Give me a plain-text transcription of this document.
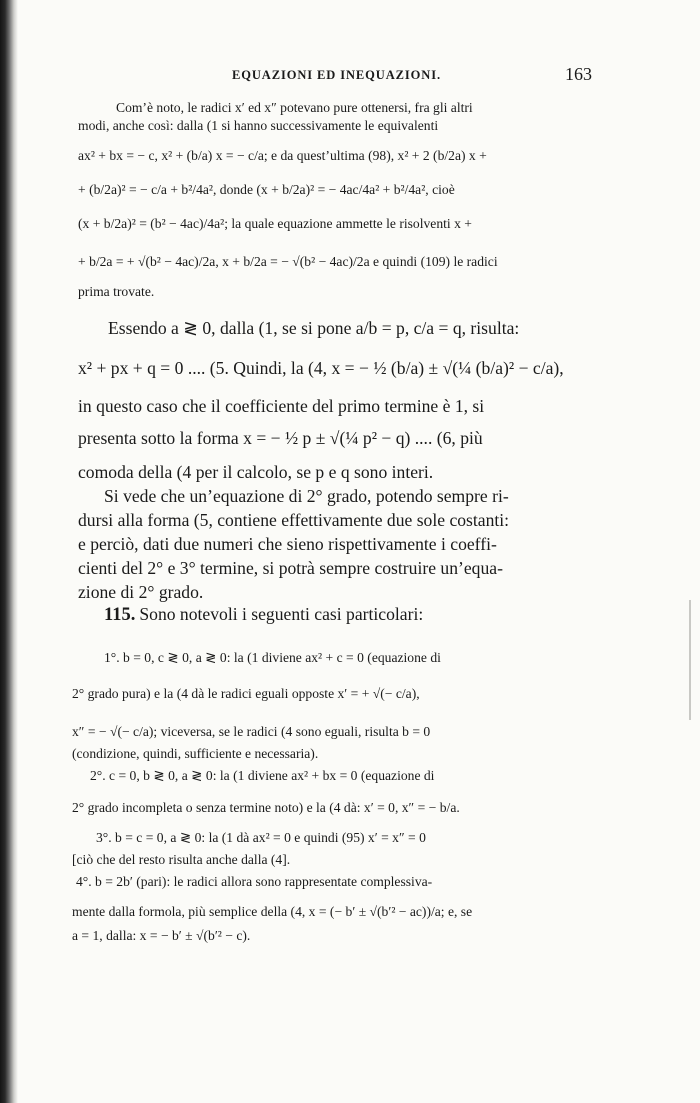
EQUAZIONI ED INEQUAZIONI.	163
Com’è noto, le radici x′ ed x″ potevano pure ottenersi, fra gli altri
modi, anche così: dalla (1 si hanno successivamente le equivalenti
ax² + bx = − c, x² + (b/a) x = − c/a; e da quest’ultima (98), x² + 2 (b/2a) x +
+ (b/2a)² = − c/a + b²/4a², donde (x + b/2a)² = − 4ac/4a² + b²/4a², cioè
(x + b/2a)² = (b² − 4ac)/4a²; la quale equazione ammette le risolventi x +
+ b/2a = + √(b² − 4ac)/2a, x + b/2a = − √(b² − 4ac)/2a e quindi (109) le radici
prima trovate.
Essendo a ≷ 0, dalla (1, se si pone a/b = p, c/a = q, risulta:
x² + px + q = 0 .... (5. Quindi, la (4, x = − ½ (b/a) ± √(¼ (b/a)² − c/a),
in questo caso che il coefficiente del primo termine è 1, si
presenta sotto la forma x = − ½ p ± √(¼ p² − q) .... (6, più
comoda della (4 per il calcolo, se p e q sono interi.
Si vede che un’equazione di 2° grado, potendo sempre ri-
dursi alla forma (5, contiene effettivamente due sole costanti:
e perciò, dati due numeri che sieno rispettivamente i coeffi-
cienti del 2° e 3° termine, si potrà sempre costruire un’equa-
zione di 2° grado.
115. Sono notevoli i seguenti casi particolari:
1°. b = 0, c ≷ 0, a ≷ 0: la (1 diviene ax² + c = 0 (equazione di
2° grado pura) e la (4 dà le radici eguali opposte x′ = + √(− c/a),
x″ = − √(− c/a); viceversa, se le radici (4 sono eguali, risulta b = 0
(condizione, quindi, sufficiente e necessaria).
2°. c = 0, b ≷ 0, a ≷ 0: la (1 diviene ax² + bx = 0 (equazione di
2° grado incompleta o senza termine noto) e la (4 dà: x′ = 0, x″ = − b/a.
3°. b = c = 0, a ≷ 0: la (1 dà ax² = 0 e quindi (95) x′ = x″ = 0
[ciò che del resto risulta anche dalla (4].
4°. b = 2b′ (pari): le radici allora sono rappresentate complessiva-
mente dalla formola, più semplice della (4, x = (− b′ ± √(b′² − ac))/a; e, se
a = 1, dalla: x = − b′ ± √(b′² − c).
